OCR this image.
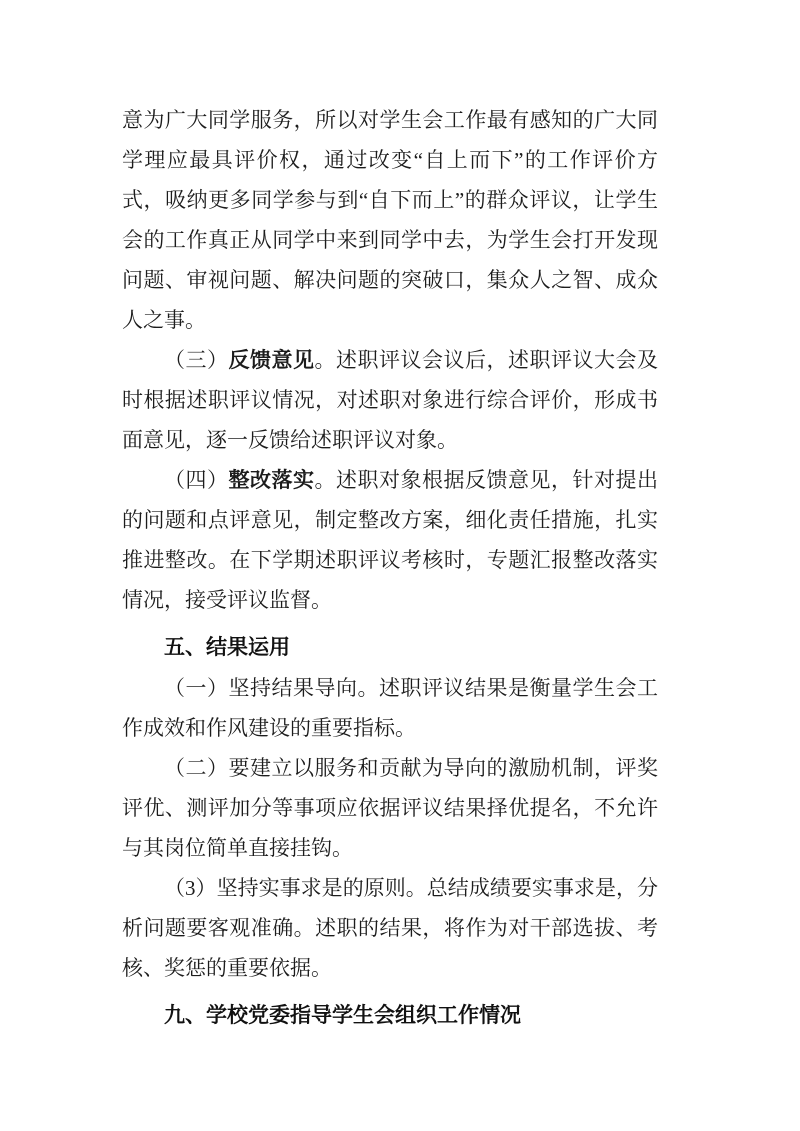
意为广大同学服务，所以对学生会工作最有感知的广大同学理应最具评价权，通过改变“自上而下”的工作评价方式，吸纳更多同学参与到“自下而上”的群众评议，让学生会的工作真正从同学中来到同学中去，为学生会打开发现问题、审视问题、解决问题的突破口，集众人之智、成众人之事。

（三）反馈意见。述职评议会议后，述职评议大会及时根据述职评议情况，对述职对象进行综合评价，形成书面意见，逐一反馈给述职评议对象。

（四）整改落实。述职对象根据反馈意见，针对提出的问题和点评意见，制定整改方案，细化责任措施，扎实推进整改。在下学期述职评议考核时，专题汇报整改落实情况，接受评议监督。

五、结果运用

（一）坚持结果导向。述职评议结果是衡量学生会工作成效和作风建设的重要指标。

（二）要建立以服务和贡献为导向的激励机制，评奖评优、测评加分等事项应依据评议结果择优提名，不允许与其岗位简单直接挂钩。

（3）坚持实事求是的原则。总结成绩要实事求是，分析问题要客观准确。述职的结果，将作为对干部选拔、考核、奖惩的重要依据。

九、学校党委指导学生会组织工作情况
